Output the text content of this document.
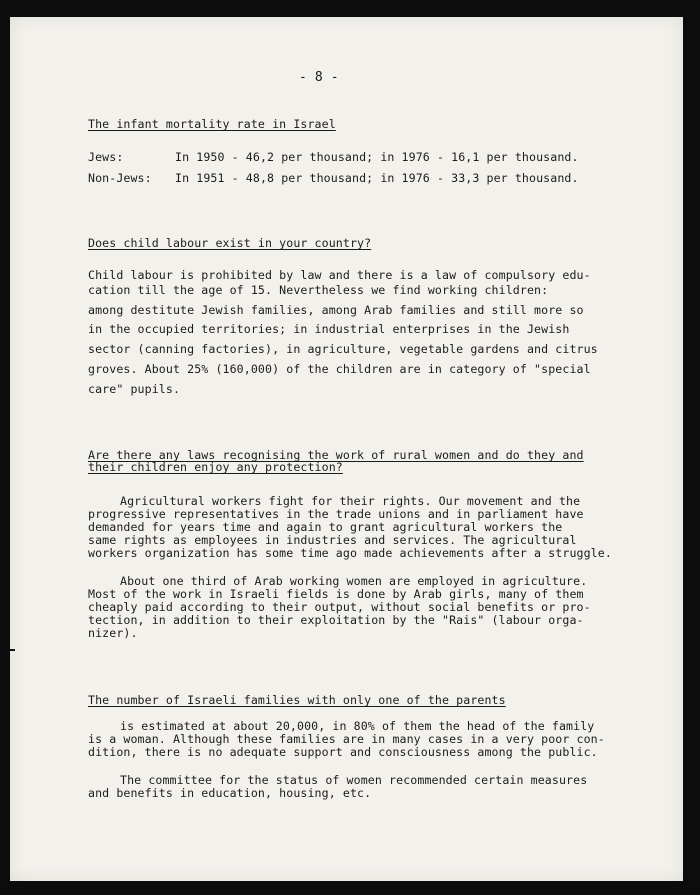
- 8 -
The infant mortality rate in Israel
Jews:	In 1950 - 46,2 per thousand; in 1976 - 16,1 per thousand.
Non-Jews: In 1951 - 48,8 per thousand; in 1976 - 33,3 per thousand.
Does child labour exist in your country?
Child labour is prohibited by law and there is a law of compulsory edu-
cation till the age of 15. Nevertheless we find working children:
among destitute Jewish families, among Arab families and still more so
in the occupied territories; in industrial enterprises in the Jewish
sector (canning factories), in agriculture, vegetable gardens and citrus
groves. About 25% (160,000) of the children are in category of "special
care" pupils.
Are there any laws recognising the work of rural women and do they and
their children enjoy any protection?
Agricultural workers fight for their rights. Our movement and the
progressive representatives in the trade unions and in parliament have
demanded for years time and again to grant agricultural workers the
same rights as employees in industries and services. The agricultural
workers organization has some time ago made achievements after a struggle.
About one third of Arab working women are employed in agriculture.
Most of the work in Israeli fields is done by Arab girls, many of them
cheaply paid according to their output, without social benefits or pro-
tection, in addition to their exploitation by the "Rais" (labour orga-
nizer).
The number of Israeli families with only one of the parents
is estimated at about 20,000, in 80% of them the head of the family
is a woman. Although these families are in many cases in a very poor con-
dition, there is no adequate support and consciousness among the public.
The committee for the status of women recommended certain measures
and benefits in education, housing, etc.
